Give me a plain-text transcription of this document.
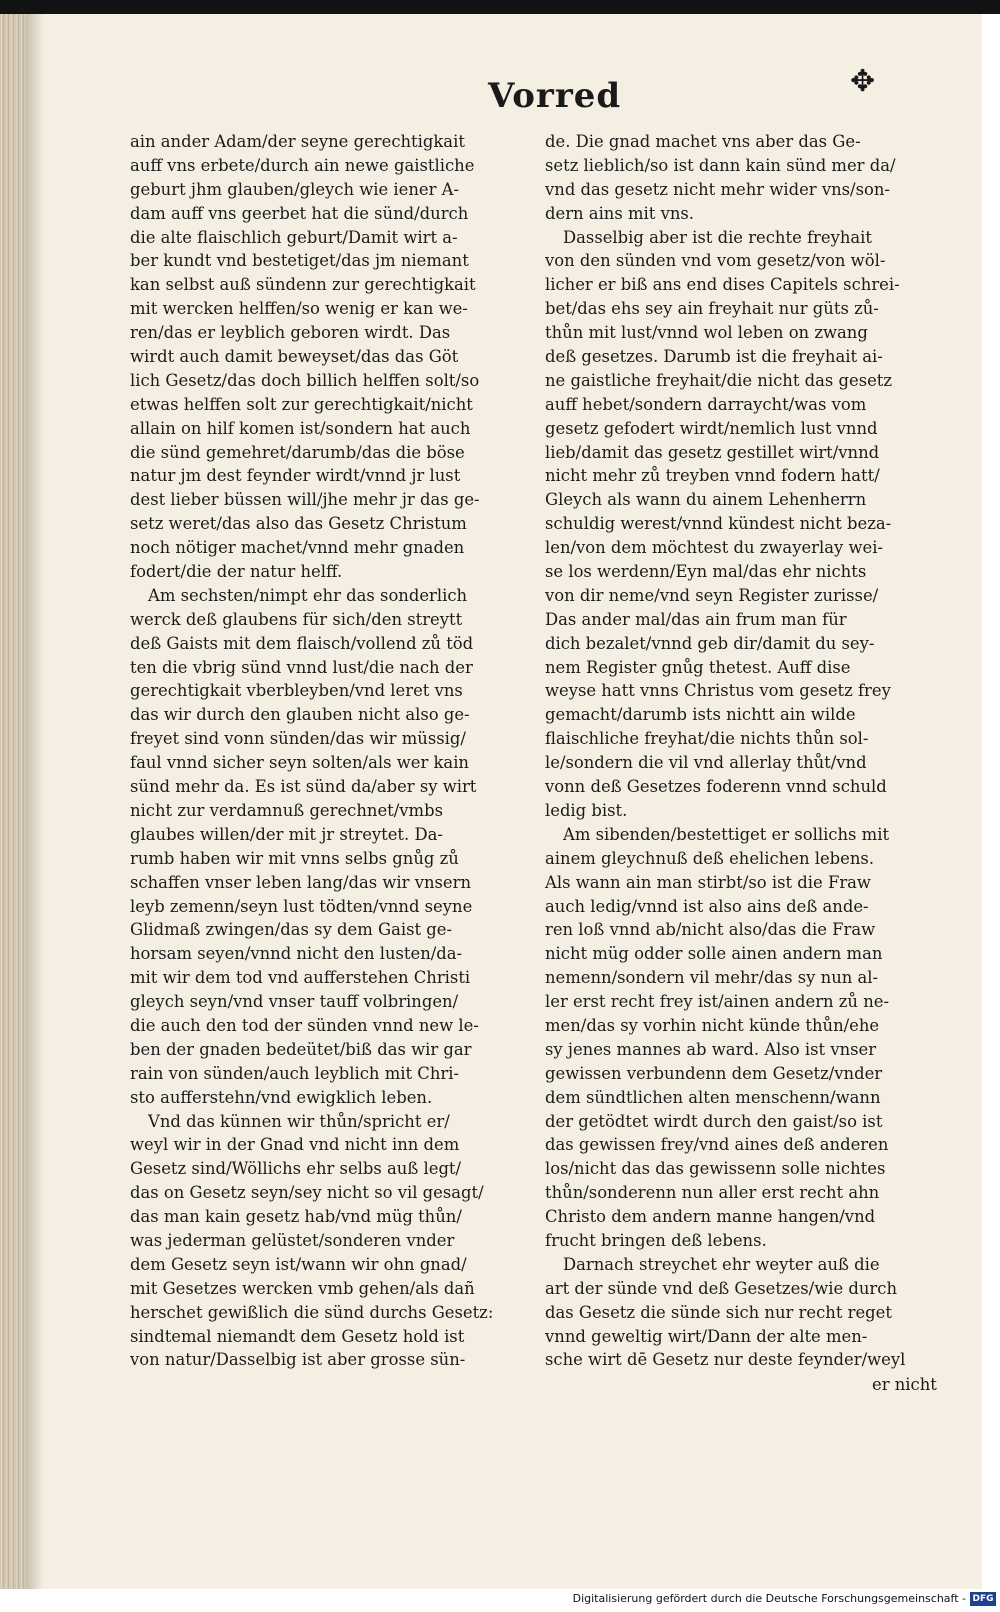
Vorred	✥
ain ander Adam/der seyne gerechtigkait
auff vns erbete/durch ain newe gaistliche
geburt jhm glauben/gleych wie iener A-
dam auff vns geerbet hat die sünd/durch
die alte flaischlich geburt/Damit wirt a-
ber kundt vnd bestetiget/das jm niemant
kan selbst auß sündenn zur gerechtigkait
mit wercken helffen/so wenig er kan we-
ren/das er leyblich geboren wirdt. Das
wirdt auch damit beweyset/das das Göt
lich Gesetz/das doch billich helffen solt/so
etwas helffen solt zur gerechtigkait/nicht
allain on hilf komen ist/sondern hat auch
die sünd gemehret/darumb/das die böse
natur jm dest feynder wirdt/vnnd jr lust
dest lieber büssen will/jhe mehr jr das ge-
setz weret/das also das Gesetz Christum
noch nötiger machet/vnnd mehr gnaden
fodert/die der natur helff.
Am sechsten/nimpt ehr das sonderlich
werck deß glaubens für sich/den streytt
deß Gaists mit dem flaisch/vollend zů töd
ten die vbrig sünd vnnd lust/die nach der
gerechtigkait vberbleyben/vnd leret vns
das wir durch den glauben nicht also ge-
freyet sind vonn sünden/das wir müssig/
faul vnnd sicher seyn solten/als wer kain
sünd mehr da. Es ist sünd da/aber sy wirt
nicht zur verdamnuß gerechnet/vmbs
glaubes willen/der mit jr streytet. Da-
rumb haben wir mit vnns selbs gnůg zů
schaffen vnser leben lang/das wir vnsern
leyb zemenn/seyn lust tödten/vnnd seyne
Glidmaß zwingen/das sy dem Gaist ge-
horsam seyen/vnnd nicht den lusten/da-
mit wir dem tod vnd aufferstehen Christi
gleych seyn/vnd vnser tauff volbringen/
die auch den tod der sünden vnnd new le-
ben der gnaden bedeütet/biß das wir gar
rain von sünden/auch leyblich mit Chri-
sto aufferstehn/vnd ewigklich leben.
Vnd das künnen wir thůn/spricht er/
weyl wir in der Gnad vnd nicht inn dem
Gesetz sind/Wöllichs ehr selbs auß legt/
das on Gesetz seyn/sey nicht so vil gesagt/
das man kain gesetz hab/vnd müg thůn/
was jederman gelüstet/sonderen vnder
dem Gesetz seyn ist/wann wir ohn gnad/
mit Gesetzes wercken vmb gehen/als dañ
herschet gewißlich die sünd durchs Gesetz:
sindtemal niemandt dem Gesetz hold ist
von natur/Dasselbig ist aber grosse sün-
de. Die gnad machet vns aber das Ge-
setz lieblich/so ist dann kain sünd mer da/
vnd das gesetz nicht mehr wider vns/son-
dern ains mit vns.
Dasselbig aber ist die rechte freyhait
von den sünden vnd vom gesetz/von wöl-
licher er biß ans end dises Capitels schrei-
bet/das ehs sey ain freyhait nur güts zů-
thůn mit lust/vnnd wol leben on zwang
deß gesetzes. Darumb ist die freyhait ai-
ne gaistliche freyhait/die nicht das gesetz
auff hebet/sondern darraycht/was vom
gesetz gefodert wirdt/nemlich lust vnnd
lieb/damit das gesetz gestillet wirt/vnnd
nicht mehr zů treyben vnnd fodern hatt/
Gleych als wann du ainem Lehenherrn
schuldig werest/vnnd kündest nicht beza-
len/von dem möchtest du zwayerlay wei-
se los werdenn/Eyn mal/das ehr nichts
von dir neme/vnd seyn Register zurisse/
Das ander mal/das ain frum man für
dich bezalet/vnnd geb dir/damit du sey-
nem Register gnůg thetest. Auff dise
weyse hatt vnns Christus vom gesetz frey
gemacht/darumb ists nichtt ain wilde
flaischliche freyhat/die nichts thůn sol-
le/sondern die vil vnd allerlay thůt/vnd
vonn deß Gesetzes foderenn vnnd schuld
ledig bist.
Am sibenden/bestettiget er sollichs mit
ainem gleychnuß deß ehelichen lebens.
Als wann ain man stirbt/so ist die Fraw
auch ledig/vnnd ist also ains deß ande-
ren loß vnnd ab/nicht also/das die Fraw
nicht müg odder solle ainen andern man
nemenn/sondern vil mehr/das sy nun al-
ler erst recht frey ist/ainen andern zů ne-
men/das sy vorhin nicht künde thůn/ehe
sy jenes mannes ab ward. Also ist vnser
gewissen verbundenn dem Gesetz/vnder
dem sündtlichen alten menschenn/wann
der getödtet wirdt durch den gaist/so ist
das gewissen frey/vnd aines deß anderen
los/nicht das das gewissenn solle nichtes
thůn/sonderenn nun aller erst recht ahn
Christo dem andern manne hangen/vnd
frucht bringen deß lebens.
Darnach streychet ehr weyter auß die
art der sünde vnd deß Gesetzes/wie durch
das Gesetz die sünde sich nur recht reget
vnnd geweltig wirt/Dann der alte men-
sche wirt dē Gesetz nur deste feynder/weyl
er nicht
Digitalisierung gefördert durch die Deutsche Forschungsgemeinschaft - DFG
